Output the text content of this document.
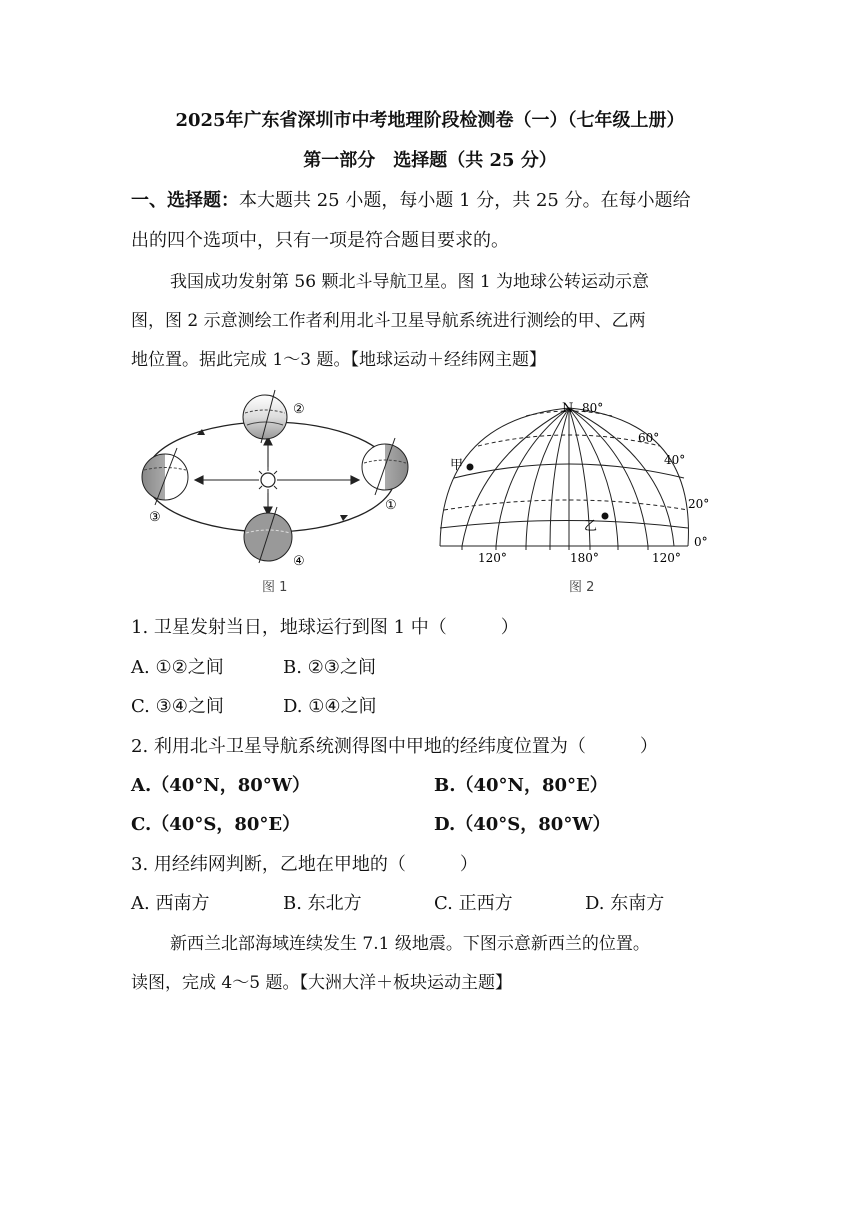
2025年广东省深圳市中考地理阶段检测卷（一）（七年级上册）
第一部分　选择题（共 25 分）
一、选择题：本大题共 25 小题，每小题 1 分，共 25 分。在每小题给
出的四个选项中，只有一项是符合题目要求的。
我国成功发射第 56 颗北斗导航卫星。图 1 为地球公转运动示意
图，图 2 示意测绘工作者利用北斗卫星导航系统进行测绘的甲、乙两
地位置。据此完成 1～3 题。【地球运动＋经纬网主题】
②
③
①
④
图 1
N 80°
60°
40°
20°
0°
120°	180°	120°
甲
乙
图 2
1. 卫星发射当日，地球运行到图 1 中（　　　）
A. ①②之间	B. ②③之间
C. ③④之间	D. ①④之间
2. 利用北斗卫星导航系统测得图中甲地的经纬度位置为（　　　）
A.（40°N，80°W）	B.（40°N，80°E）
C.（40°S，80°E）	D.（40°S，80°W）
3. 用经纬网判断，乙地在甲地的（　　　）
A. 西南方	B. 东北方	C. 正西方	D. 东南方
新西兰北部海域连续发生 7.1 级地震。下图示意新西兰的位置。
读图，完成 4～5 题。【大洲大洋＋板块运动主题】
